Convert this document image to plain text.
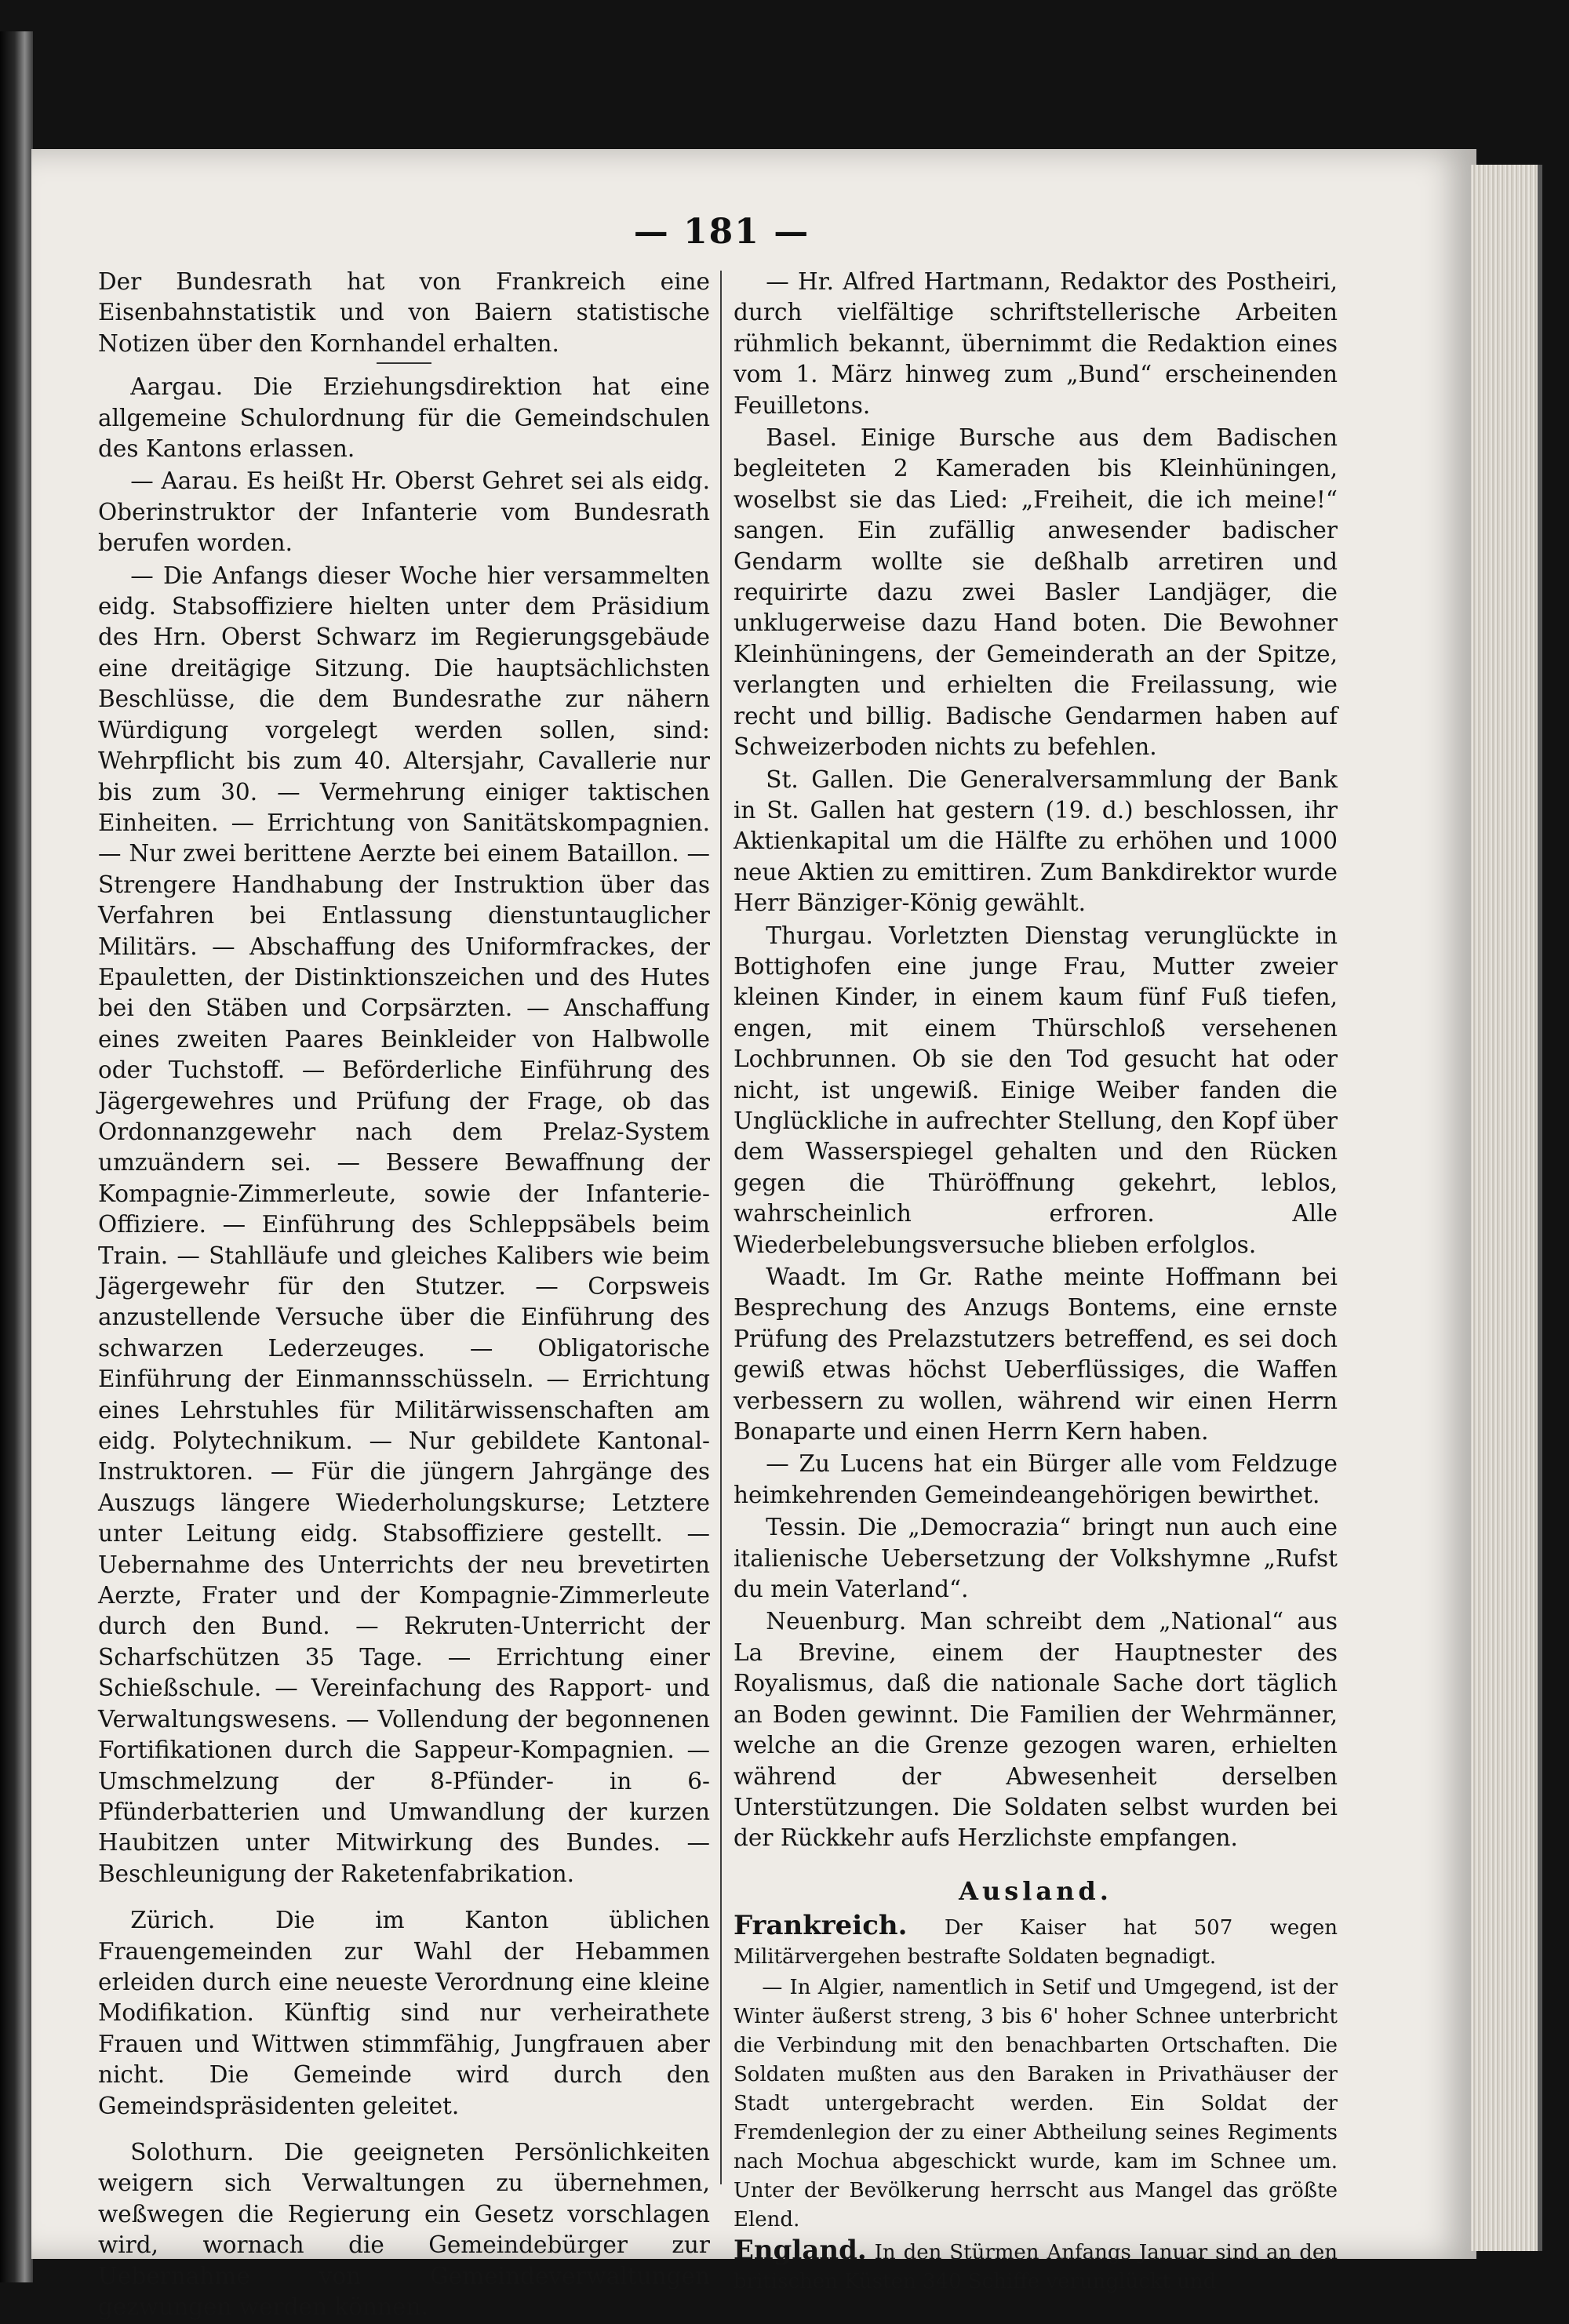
— 181 —

Der Bundesrath hat von Frankreich eine Eisenbahnstatistik und von Baiern statistische Notizen über den Kornhandel erhalten.

Aargau. Die Erziehungsdirektion hat eine allgemeine Schulordnung für die Gemeindschulen des Kantons erlassen.

— Aarau. Es heißt Hr. Oberst Gehret sei als eidg. Oberinstruktor der Infanterie vom Bundesrath berufen worden.

— Die Anfangs dieser Woche hier versammelten eidg. Stabsoffiziere hielten unter dem Präsidium des Hrn. Oberst Schwarz im Regierungsgebäude eine dreitägige Sitzung. Die hauptsächlichsten Beschlüsse, die dem Bundesrathe zur nähern Würdigung vorgelegt werden sollen, sind: Wehrpflicht bis zum 40. Altersjahr, Cavallerie nur bis zum 30. — Vermehrung einiger taktischen Einheiten. — Errichtung von Sanitätskompagnien. — Nur zwei berittene Aerzte bei einem Bataillon. — Strengere Handhabung der Instruktion über das Verfahren bei Entlassung dienstuntauglicher Militärs. — Abschaffung des Uniformfrackes, der Epauletten, der Distinktionszeichen und des Hutes bei den Stäben und Corpsärzten. — Anschaffung eines zweiten Paares Beinkleider von Halbwolle oder Tuchstoff. — Beförderliche Einführung des Jägergewehres und Prüfung der Frage, ob das Ordonnanzgewehr nach dem Prelaz-System umzuändern sei. — Bessere Bewaffnung der Kompagnie-Zimmerleute, sowie der Infanterie-Offiziere. — Einführung des Schleppsäbels beim Train. — Stahlläufe und gleiches Kalibers wie beim Jägergewehr für den Stutzer. — Corpsweis anzustellende Versuche über die Einführung des schwarzen Lederzeuges. — Obligatorische Einführung der Einmannsschüsseln. — Errichtung eines Lehrstuhles für Militärwissenschaften am eidg. Polytechnikum. — Nur gebildete Kantonal-Instruktoren. — Für die jüngern Jahrgänge des Auszugs längere Wiederholungskurse; Letztere unter Leitung eidg. Stabsoffiziere gestellt. — Uebernahme des Unterrichts der neu brevetirten Aerzte, Frater und der Kompagnie-Zimmerleute durch den Bund. — Rekruten-Unterricht der Scharfschützen 35 Tage. — Errichtung einer Schießschule. — Vereinfachung des Rapport- und Verwaltungswesens. — Vollendung der begonnenen Fortifikationen durch die Sappeur-Kompagnien. — Umschmelzung der 8-Pfünder- in 6-Pfünderbatterien und Umwandlung der kurzen Haubitzen unter Mitwirkung des Bundes. — Beschleunigung der Raketenfabrikation.

Zürich. Die im Kanton üblichen Frauengemeinden zur Wahl der Hebammen erleiden durch eine neueste Verordnung eine kleine Modifikation. Künftig sind nur verheirathete Frauen und Wittwen stimmfähig, Jungfrauen aber nicht. Die Gemeinde wird durch den Gemeindspräsidenten geleitet.

Solothurn. Die geeigneten Persönlichkeiten weigern sich Verwaltungen zu übernehmen, weßwegen die Regierung ein Gesetz vorschlagen wird, wornach die Gemeindebürger zur Uebernahme von Gemeindeverwaltungen gezwungen werden können.

— Hr. Alfred Hartmann, Redaktor des Postheiri, durch vielfältige schriftstellerische Arbeiten rühmlich bekannt, übernimmt die Redaktion eines vom 1. März hinweg zum „Bund“ erscheinenden Feuilletons.

Basel. Einige Bursche aus dem Badischen begleiteten 2 Kameraden bis Kleinhüningen, woselbst sie das Lied: „Freiheit, die ich meine!“ sangen. Ein zufällig anwesender badischer Gendarm wollte sie deßhalb arretiren und requirirte dazu zwei Basler Landjäger, die unklugerweise dazu Hand boten. Die Bewohner Kleinhüningens, der Gemeinderath an der Spitze, verlangten und erhielten die Freilassung, wie recht und billig. Badische Gendarmen haben auf Schweizerboden nichts zu befehlen.

St. Gallen. Die Generalversammlung der Bank in St. Gallen hat gestern (19. d.) beschlossen, ihr Aktienkapital um die Hälfte zu erhöhen und 1000 neue Aktien zu emittiren. Zum Bankdirektor wurde Herr Bänziger-König gewählt.

Thurgau. Vorletzten Dienstag verunglückte in Bottighofen eine junge Frau, Mutter zweier kleinen Kinder, in einem kaum fünf Fuß tiefen, engen, mit einem Thürschloß versehenen Lochbrunnen. Ob sie den Tod gesucht hat oder nicht, ist ungewiß. Einige Weiber fanden die Unglückliche in aufrechter Stellung, den Kopf über dem Wasserspiegel gehalten und den Rücken gegen die Thüröffnung gekehrt, leblos, wahrscheinlich erfroren. Alle Wiederbelebungsversuche blieben erfolglos.

Waadt. Im Gr. Rathe meinte Hoffmann bei Besprechung des Anzugs Bontems, eine ernste Prüfung des Prelazstutzers betreffend, es sei doch gewiß etwas höchst Ueberflüssiges, die Waffen verbessern zu wollen, während wir einen Herrn Bonaparte und einen Herrn Kern haben.

— Zu Lucens hat ein Bürger alle vom Feldzuge heimkehrenden Gemeindeangehörigen bewirthet.

Tessin. Die „Democrazia“ bringt nun auch eine italienische Uebersetzung der Volkshymne „Rufst du mein Vaterland“.

Neuenburg. Man schreibt dem „National“ aus La Brevine, einem der Hauptnester des Royalismus, daß die nationale Sache dort täglich an Boden gewinnt. Die Familien der Wehrmänner, welche an die Grenze gezogen waren, erhielten während der Abwesenheit derselben Unterstützungen. Die Soldaten selbst wurden bei der Rückkehr aufs Herzlichste empfangen.

Ausland.

Frankreich. Der Kaiser hat 507 wegen Militärvergehen bestrafte Soldaten begnadigt.

— In Algier, namentlich in Setif und Umgegend, ist der Winter äußerst streng, 3 bis 6' hoher Schnee unterbricht die Verbindung mit den benachbarten Ortschaften. Die Soldaten mußten aus den Baraken in Privathäuser der Stadt untergebracht werden. Ein Soldat der Fremdenlegion der zu einer Abtheilung seines Regiments nach Mochua abgeschickt wurde, kam im Schnee um. Unter der Bevölkerung herrscht aus Mangel das größte Elend.

England. In den Stürmen Anfangs Januar sind an den britischen Küsten 340 Schiffe verunglückt und
